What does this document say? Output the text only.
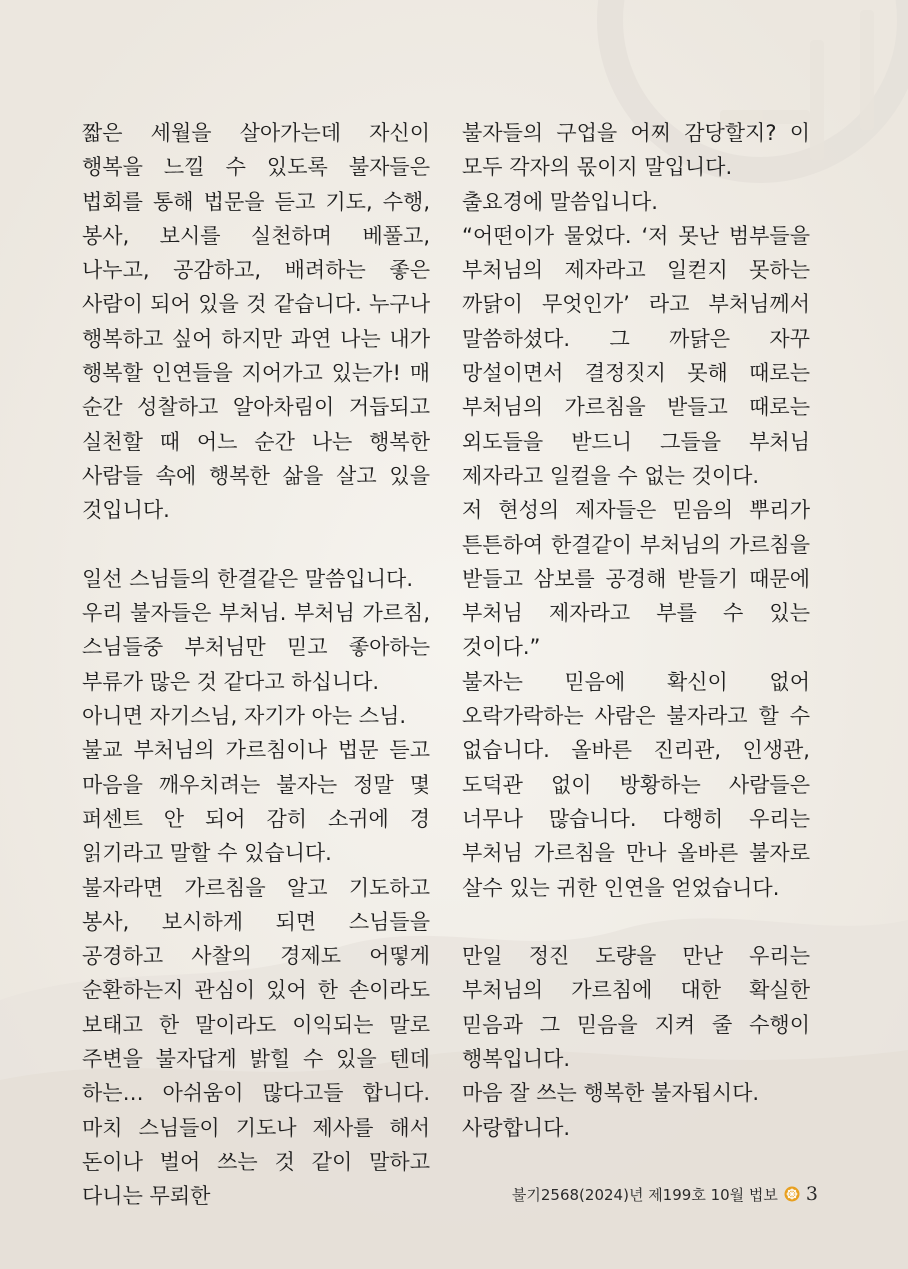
짧은 세월을 살아가는데 자신이 행복을 느낄 수 있도록 불자들은 법회를 통해 법문을 듣고 기도, 수행, 봉사, 보시를 실천하며 베풀고, 나누고, 공감하고, 배려하는 좋은 사람이 되어 있을 것 같습니다. 누구나 행복하고 싶어 하지만 과연 나는 내가 행복할 인연들을 지어가고 있는가! 매 순간 성찰하고 알아차림이 거듭되고 실천할 때 어느 순간 나는 행복한 사람들 속에 행복한 삶을 살고 있을 것입니다.

일선 스님들의 한결같은 말씀입니다.

우리 불자들은 부처님. 부처님 가르침, 스님들중 부처님만 믿고 좋아하는 부류가 많은 것 같다고 하십니다.

아니면 자기스님, 자기가 아는 스님.

불교 부처님의 가르침이나 법문 듣고 마음을 깨우치려는 불자는 정말 몇 퍼센트 안 되어 감히 소귀에 경 읽기라고 말할 수 있습니다.

불자라면 가르침을 알고 기도하고 봉사, 보시하게 되면 스님들을 공경하고 사찰의 경제도 어떻게 순환하는지 관심이 있어 한 손이라도 보태고 한 말이라도 이익되는 말로 주변을 불자답게 밝힐 수 있을 텐데 하는… 아쉬움이 많다고들 합니다. 마치 스님들이 기도나 제사를 해서 돈이나 벌어 쓰는 것 같이 말하고 다니는 무뢰한

불자들의 구업을 어찌 감당할지? 이 모두 각자의 몫이지 말입니다.

출요경에 말씀입니다.

“어떤이가 물었다. ‘저 못난 범부들을 부처님의 제자라고 일컫지 못하는 까닭이 무엇인가’ 라고 부처님께서 말씀하셨다. 그 까닭은 자꾸 망설이면서 결정짓지 못해 때로는 부처님의 가르침을 받들고 때로는 외도들을 받드니 그들을 부처님 제자라고 일컬을 수 없는 것이다.

저 현성의 제자들은 믿음의 뿌리가 튼튼하여 한결같이 부처님의 가르침을 받들고 삼보를 공경해 받들기 때문에 부처님 제자라고 부를 수 있는 것이다.”

불자는 믿음에 확신이 없어 오락가락하는 사람은 불자라고 할 수 없습니다. 올바른 진리관, 인생관, 도덕관 없이 방황하는 사람들은 너무나 많습니다. 다행히 우리는 부처님 가르침을 만나 올바른 불자로 살수 있는 귀한 인연을 얻었습니다.

만일 정진 도량을 만난 우리는 부처님의 가르침에 대한 확실한 믿음과 그 믿음을 지켜 줄 수행이 행복입니다.

마음 잘 쓰는 행복한 불자됩시다.

사랑합니다.

불기2568(2024)년 제199호 10월 법보 3
